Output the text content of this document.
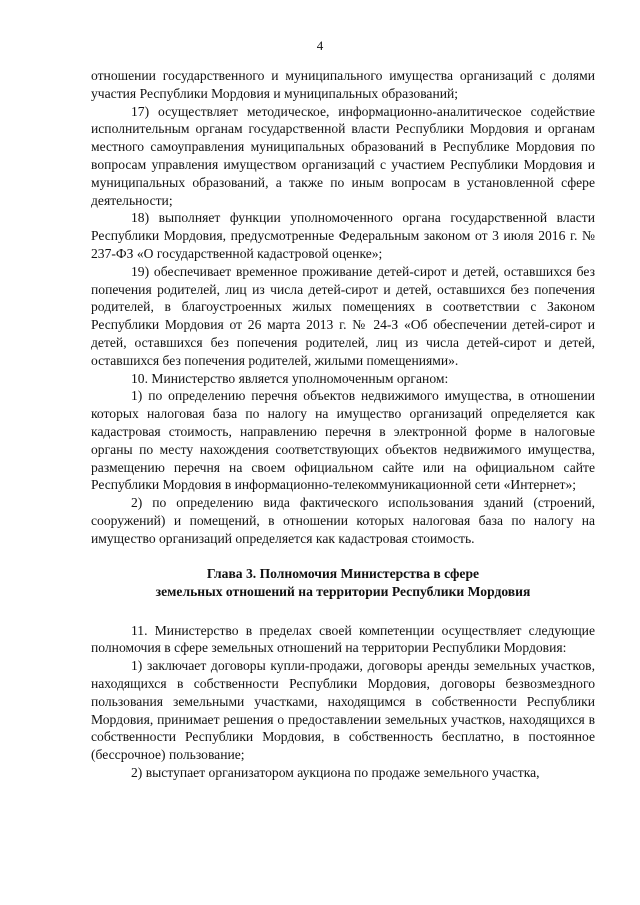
4

отношении государственного и муниципального имущества организаций с долями участия Республики Мордовия и муниципальных образований;

17) осуществляет методическое, информационно-аналитическое содействие исполнительным органам государственной власти Республики Мордовия и органам местного самоуправления муниципальных образований в Республике Мордовия по вопросам управления имуществом организаций с участием Республики Мордовия и муниципальных образований, а также по иным вопросам в установленной сфере деятельности;

18) выполняет функции уполномоченного органа государственной власти Республики Мордовия, предусмотренные Федеральным законом от 3 июля 2016 г. № 237-ФЗ «О государственной кадастровой оценке»;

19) обеспечивает временное проживание детей-сирот и детей, оставшихся без попечения родителей, лиц из числа детей-сирот и детей, оставшихся без попечения родителей, в благоустроенных жилых помещениях в соответствии с Законом Республики Мордовия от 26 марта 2013 г. № 24-З «Об обеспечении детей-сирот и детей, оставшихся без попечения родителей, лиц из числа детей-сирот и детей, оставшихся без попечения родителей, жилыми помещениями».

10. Министерство является уполномоченным органом:

1) по определению перечня объектов недвижимого имущества, в отношении которых налоговая база по налогу на имущество организаций определяется как кадастровая стоимость, направлению перечня в электронной форме в налоговые органы по месту нахождения соответствующих объектов недвижимого имущества, размещению перечня на своем официальном сайте или на официальном сайте Республики Мордовия в информационно-телекоммуникационной сети «Интернет»;

2) по определению вида фактического использования зданий (строений, сооружений) и помещений, в отношении которых налоговая база по налогу на имущество организаций определяется как кадастровая стоимость.

Глава 3. Полномочия Министерства в сфере
земельных отношений на территории Республики Мордовия

11. Министерство в пределах своей компетенции осуществляет следующие полномочия в сфере земельных отношений на территории Республики Мордовия:

1) заключает договоры купли-продажи, договоры аренды земельных участков, находящихся в собственности Республики Мордовия, договоры безвозмездного пользования земельными участками, находящимся в собственности Республики Мордовия, принимает решения о предоставлении земельных участков, находящихся в собственности Республики Мордовия, в собственность бесплатно, в постоянное (бессрочное) пользование;

2) выступает организатором аукциона по продаже земельного участка,
